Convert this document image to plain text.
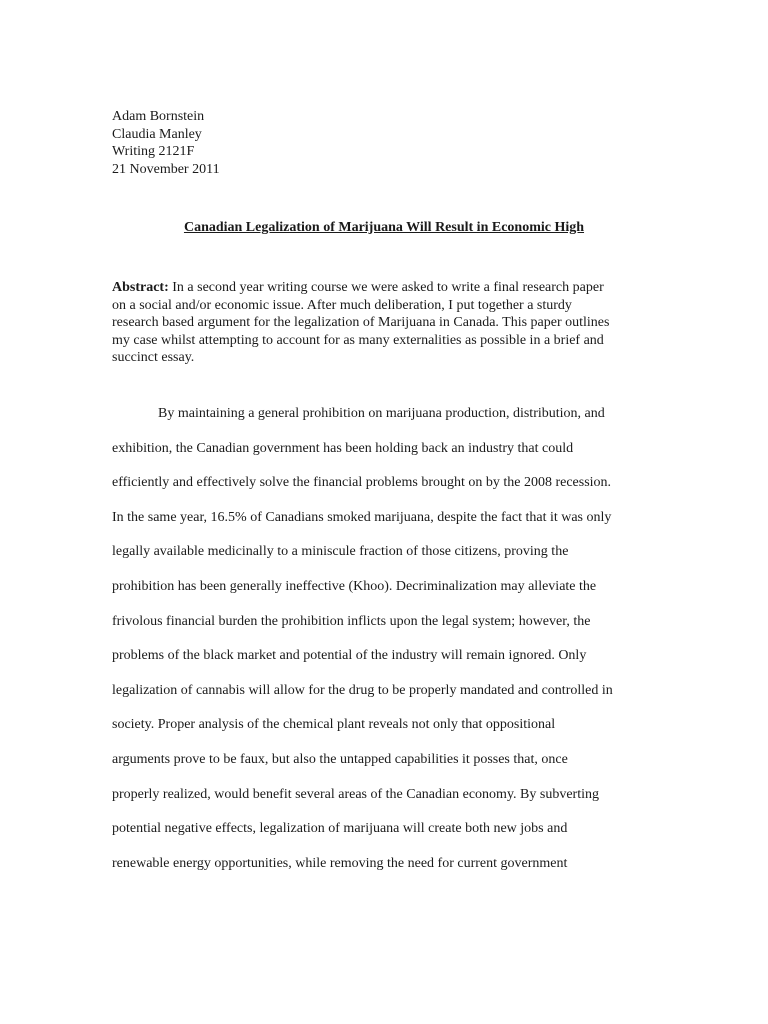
Adam Bornstein
Claudia Manley
Writing 2121F
21 November 2011
Canadian Legalization of Marijuana Will Result in Economic High
Abstract: In a second year writing course we were asked to write a final research paper
on a social and/or economic issue. After much deliberation, I put together a sturdy
research based argument for the legalization of Marijuana in Canada. This paper outlines
my case whilst attempting to account for as many externalities as possible in a brief and
succinct essay.
By maintaining a general prohibition on marijuana production, distribution, and
exhibition, the Canadian government has been holding back an industry that could
efficiently and effectively solve the financial problems brought on by the 2008 recession.
In the same year, 16.5% of Canadians smoked marijuana, despite the fact that it was only
legally available medicinally to a miniscule fraction of those citizens, proving the
prohibition has been generally ineffective (Khoo). Decriminalization may alleviate the
frivolous financial burden the prohibition inflicts upon the legal system; however, the
problems of the black market and potential of the industry will remain ignored. Only
legalization of cannabis will allow for the drug to be properly mandated and controlled in
society. Proper analysis of the chemical plant reveals not only that oppositional
arguments prove to be faux, but also the untapped capabilities it posses that, once
properly realized, would benefit several areas of the Canadian economy. By subverting
potential negative effects, legalization of marijuana will create both new jobs and
renewable energy opportunities, while removing the need for current government
